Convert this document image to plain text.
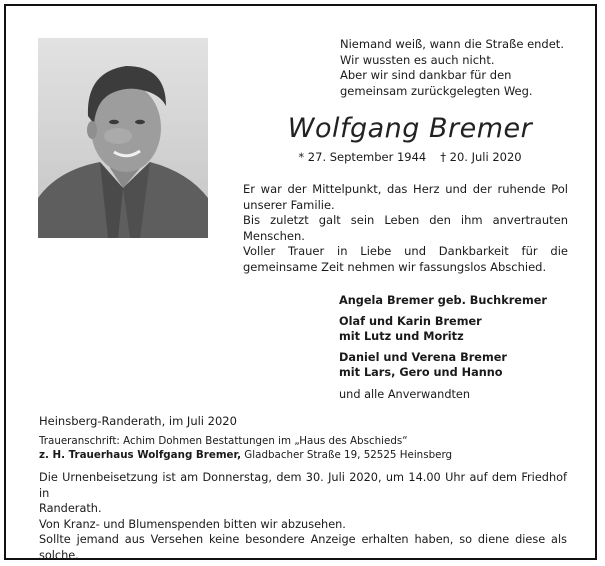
Niemand weiß, wann die Straße endet.
Wir wussten es auch nicht.
Aber wir sind dankbar für den
gemeinsam zurückgelegten Weg.
Wolfgang Bremer
* 27. September 1944 † 20. Juli 2020
Er war der Mittelpunkt, das Herz und der ruhende Pol
unserer Familie.
Bis zuletzt galt sein Leben den ihm anvertrauten
Menschen.
Voller Trauer in Liebe und Dankbarkeit für die
gemeinsame Zeit nehmen wir fassungslos Abschied.
Angela Bremer geb. Buchkremer
Olaf und Karin Bremer
mit Lutz und Moritz
Daniel und Verena Bremer
mit Lars, Gero und Hanno
und alle Anverwandten
Heinsberg-Randerath, im Juli 2020
Traueranschrift: Achim Dohmen Bestattungen im „Haus des Abschieds“
z. H. Trauerhaus Wolfgang Bremer, Gladbacher Straße 19, 52525 Heinsberg
Die Urnenbeisetzung ist am Donnerstag, dem 30. Juli 2020, um 14.00 Uhr auf dem Friedhof in
Randerath.
Von Kranz- und Blumenspenden bitten wir abzusehen.
Sollte jemand aus Versehen keine besondere Anzeige erhalten haben, so diene diese als solche.
